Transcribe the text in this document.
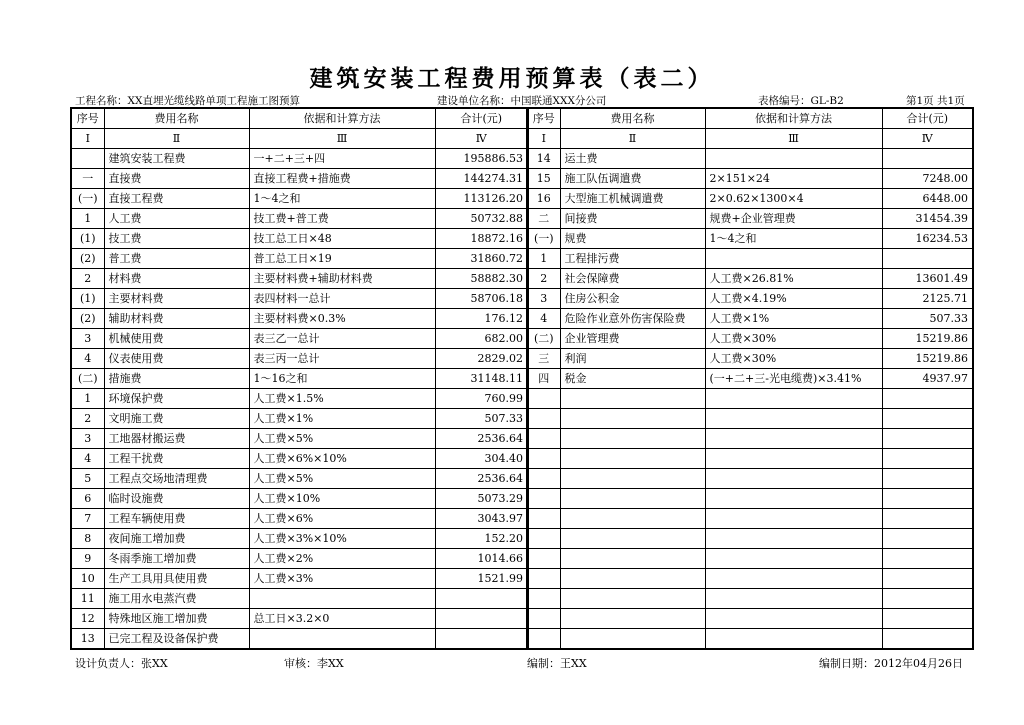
建筑安装工程费用预算表（表二）
工程名称：XX直埋光缆线路单项工程施工图预算	建设单位名称：中国联通XXX分公司	表格编号：GL-B2	第1页 共1页
序号	费用名称	依据和计算方法	合计(元)
Ⅰ	Ⅱ	Ⅲ	Ⅳ
	建筑安装工程费	一+二+三+四	195886.53
一	直接费	直接工程费+措施费	144274.31
(一)	直接工程费	1～4之和	113126.20
1	人工费	技工费+普工费	50732.88
(1)	技工费	技工总工日×48	18872.16
(2)	普工费	普工总工日×19	31860.72
2	材料费	主要材料费+辅助材料费	58882.30
(1)	主要材料费	表四材料一总计	58706.18
(2)	辅助材料费	主要材料费×0.3%	176.12
3	机械使用费	表三乙一总计	682.00
4	仪表使用费	表三丙一总计	2829.02
(二)	措施费	1～16之和	31148.11
1	环境保护费	人工费×1.5%	760.99
2	文明施工费	人工费×1%	507.33
3	工地器材搬运费	人工费×5%	2536.64
4	工程干扰费	人工费×6%×10%	304.40
5	工程点交场地清理费	人工费×5%	2536.64
6	临时设施费	人工费×10%	5073.29
7	工程车辆使用费	人工费×6%	3043.97
8	夜间施工增加费	人工费×3%×10%	152.20
9	冬雨季施工增加费	人工费×2%	1014.66
10	生产工具用具使用费	人工费×3%	1521.99
11	施工用水电蒸汽费		
12	特殊地区施工增加费	总工日×3.2×0	
13	已完工程及设备保护费		
序号	费用名称	依据和计算方法	合计(元)
Ⅰ	Ⅱ	Ⅲ	Ⅳ
14	运土费		
15	施工队伍调遣费	2×151×24	7248.00
16	大型施工机械调遣费	2×0.62×1300×4	6448.00
二	间接费	规费+企业管理费	31454.39
(一)	规费	1～4之和	16234.53
1	工程排污费		
2	社会保障费	人工费×26.81%	13601.49
3	住房公积金	人工费×4.19%	2125.71
4	危险作业意外伤害保险费	人工费×1%	507.33
(二)	企业管理费	人工费×30%	15219.86
三	利润	人工费×30%	15219.86
四	税金	(一+二+三-光电缆费)×3.41%	4937.97

设计负责人：张XX	审核：李XX	编制：王XX	编制日期：2012年04月26日
